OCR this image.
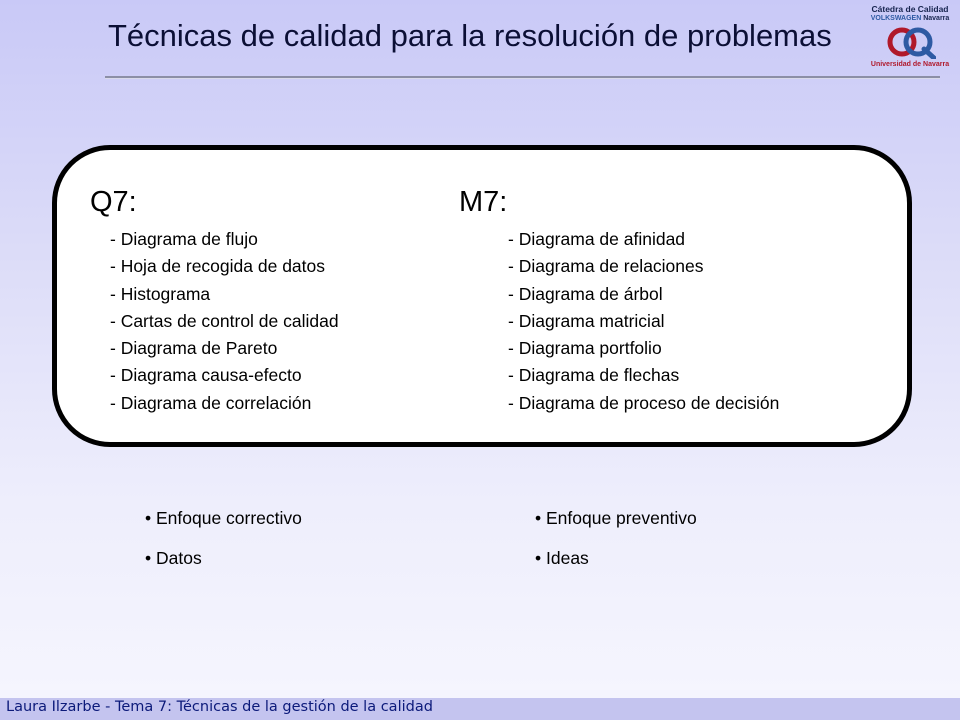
Técnicas de calidad para la resolución de problemas
Cátedra de Calidad
VOLKSWAGEN Navarra
Universidad de Navarra
Q7:
- Diagrama de flujo
- Hoja de recogida de datos
- Histograma
- Cartas de control de calidad
- Diagrama de Pareto
- Diagrama causa-efecto
- Diagrama de correlación
M7:
- Diagrama de afinidad
- Diagrama de relaciones
- Diagrama de árbol
- Diagrama matricial
- Diagrama portfolio
- Diagrama de flechas
- Diagrama de proceso de decisión
• Enfoque correctivo
• Datos
• Enfoque preventivo
• Ideas
Laura Ilzarbe - Tema 7: Técnicas de la gestión de la calidad
